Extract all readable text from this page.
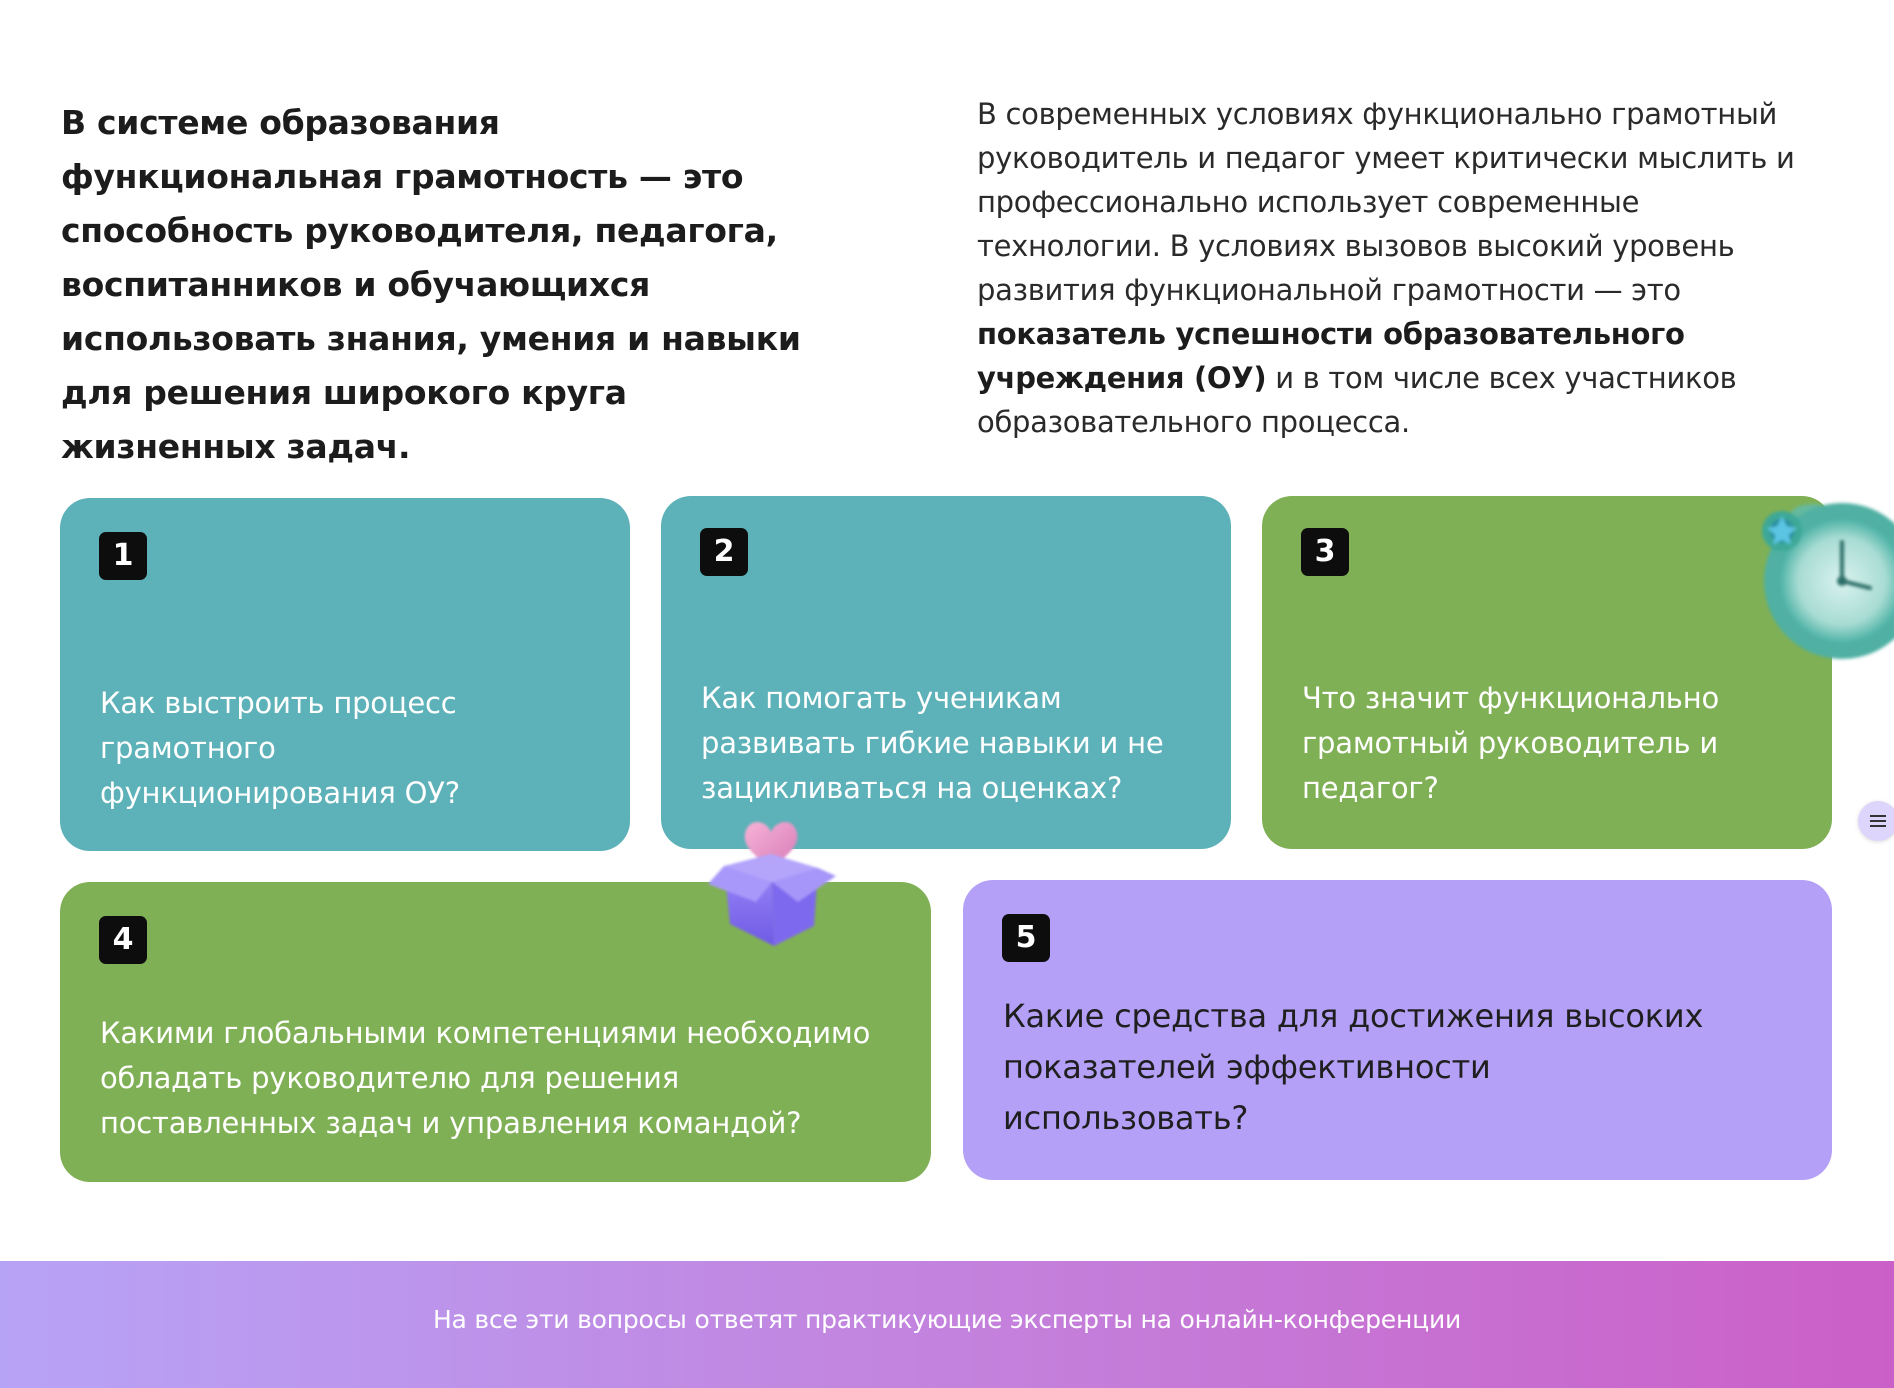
В системе образования функциональная грамотность — это способность руководителя, педагога, воспитанников и обучающихся использовать знания, умения и навыки для решения широкого круга жизненных задач.
В современных условиях функционально грамотный руководитель и педагог умеет критически мыслить и профессионально использует современные технологии. В условиях вызовов высокий уровень развития функциональной грамотности — это показатель успешности образовательного учреждения (ОУ) и в том числе всех участников образовательного процесса.
1
Как выстроить процесс грамотного функционирования ОУ?
2
Как помогать ученикам развивать гибкие навыки и не зацикливаться на оценках?
3
Что значит функционально грамотный руководитель и педагог?
4
Какими глобальными компетенциями необходимо обладать руководителю для решения поставленных задач и управления командой?
5
Какие средства для достижения высоких показателей эффективности использовать?
На все эти вопросы ответят практикующие эксперты на онлайн-конференции
